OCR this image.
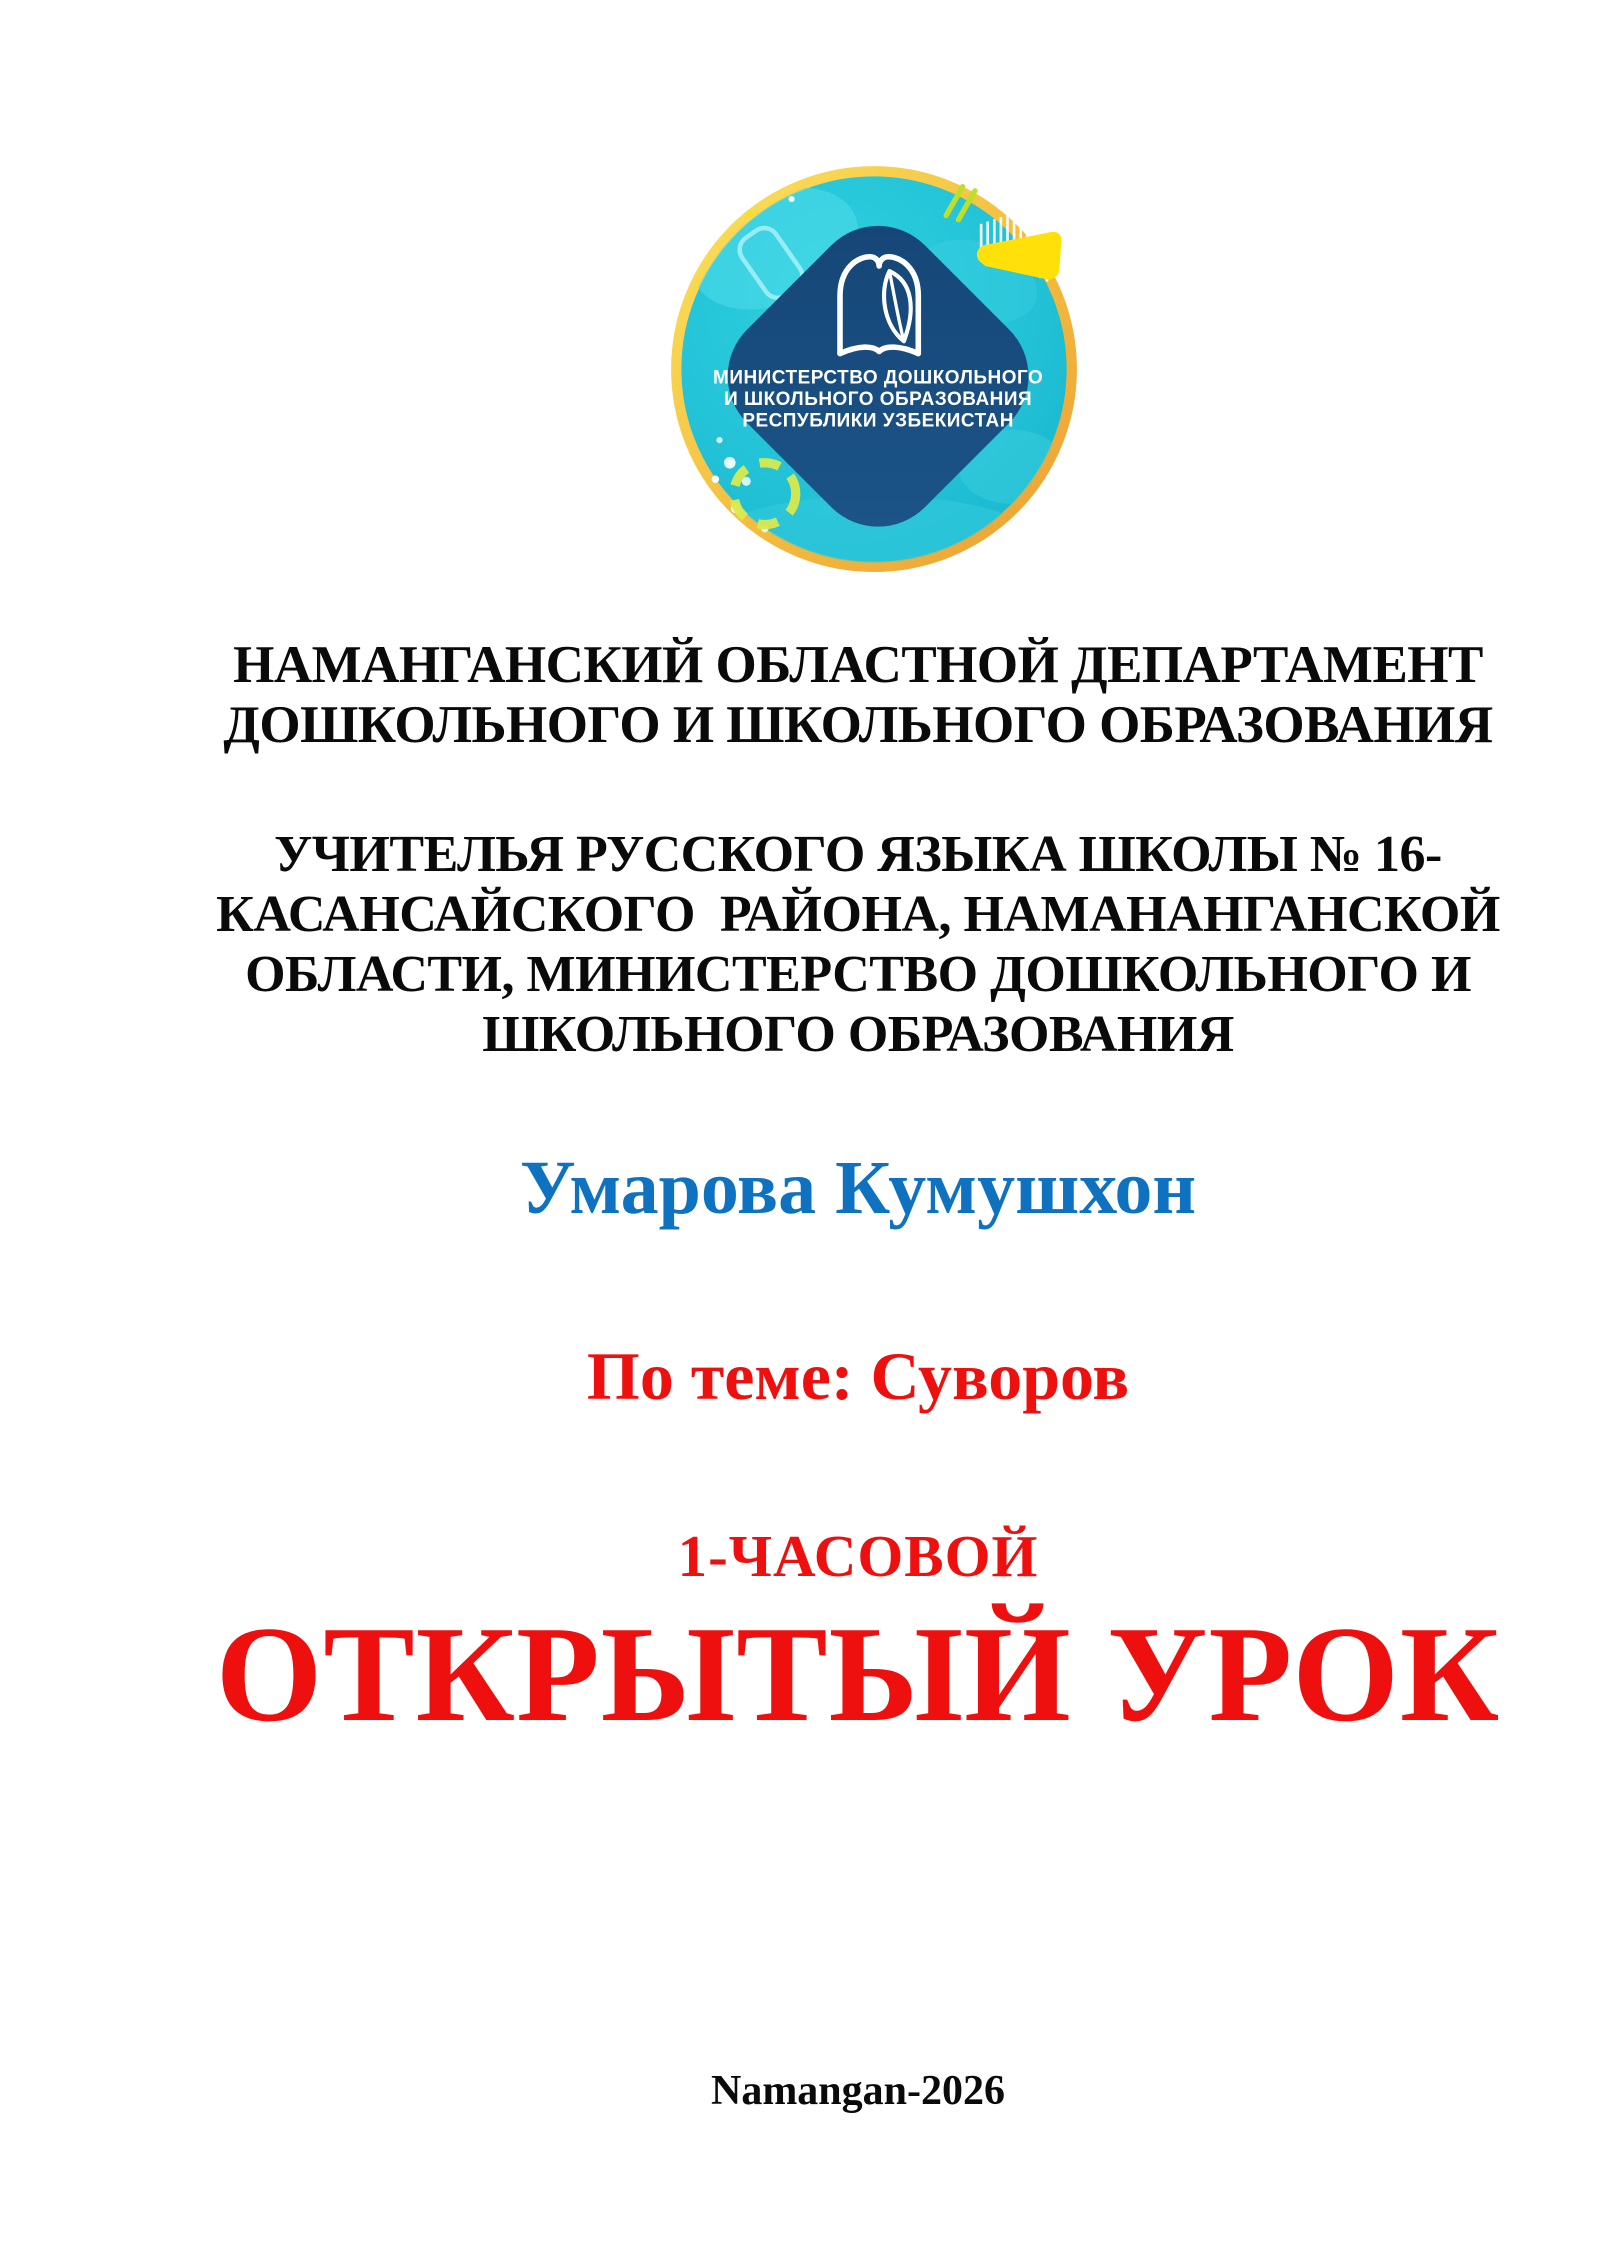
МИНИСТЕРСТВО ДОШКОЛЬНОГО
И ШКОЛЬНОГО ОБРАЗОВАНИЯ
РЕСПУБЛИКИ УЗБЕКИСТАН
НАМАНГАНСКИЙ ОБЛАСТНОЙ ДЕПАРТАМЕНТ
ДОШКОЛЬНОГО И ШКОЛЬНОГО ОБРАЗОВАНИЯ
УЧИТЕЛЬЯ РУССКОГО ЯЗЫКА ШКОЛЫ № 16-
КАСАНСАЙСКОГО  РАЙОНА, НАМАНАНГАНСКОЙ
ОБЛАСТИ, МИНИСТЕРСТВО ДОШКОЛЬНОГО И
ШКОЛЬНОГО ОБРАЗОВАНИЯ
Умарова Кумушхон
По теме: Суворов
1-ЧАСОВОЙ
ОТКРЫТЫЙ УРОК
Namangan-2026
